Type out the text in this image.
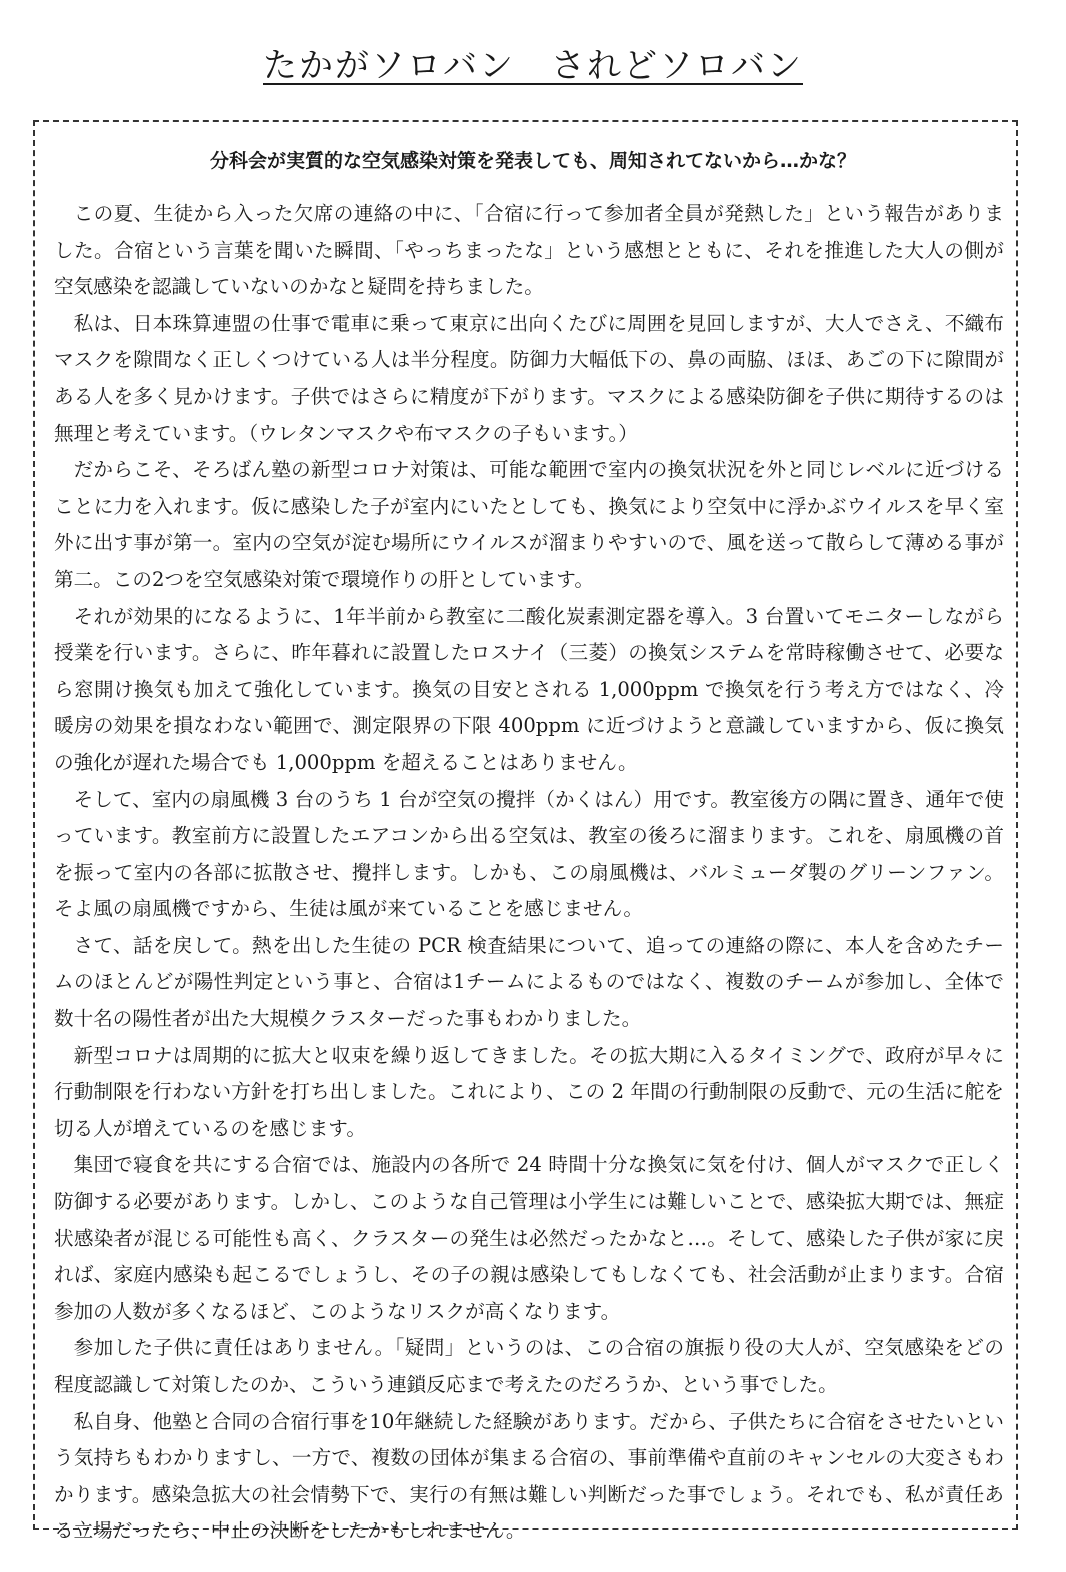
たかがソロバン　されどソロバン
分科会が実質的な空気感染対策を発表しても、周知されてないから…かな？

この夏、生徒から入った欠席の連絡の中に、「合宿に行って参加者全員が発熱した」という報告がありました。合宿という言葉を聞いた瞬間、「やっちまったな」という感想とともに、それを推進した大人の側が空気感染を認識していないのかなと疑問を持ちました。

私は、日本珠算連盟の仕事で電車に乗って東京に出向くたびに周囲を見回しますが、大人でさえ、不織布マスクを隙間なく正しくつけている人は半分程度。防御力大幅低下の、鼻の両脇、ほほ、あごの下に隙間がある人を多く見かけます。子供ではさらに精度が下がります。マスクによる感染防御を子供に期待するのは無理と考えています。（ウレタンマスクや布マスクの子もいます。）

だからこそ、そろばん塾の新型コロナ対策は、可能な範囲で室内の換気状況を外と同じレベルに近づけることに力を入れます。仮に感染した子が室内にいたとしても、換気により空気中に浮かぶウイルスを早く室外に出す事が第一。室内の空気が淀む場所にウイルスが溜まりやすいので、風を送って散らして薄める事が第二。この2つを空気感染対策で環境作りの肝としています。

それが効果的になるように、1年半前から教室に二酸化炭素測定器を導入。3 台置いてモニターしながら授業を行います。さらに、昨年暮れに設置したロスナイ（三菱）の換気システムを常時稼働させて、必要なら窓開け換気も加えて強化しています。換気の目安とされる 1,000ppm で換気を行う考え方ではなく、冷暖房の効果を損なわない範囲で、測定限界の下限 400ppm に近づけようと意識していますから、仮に換気の強化が遅れた場合でも 1,000ppm を超えることはありません。

そして、室内の扇風機 3 台のうち 1 台が空気の攪拌（かくはん）用です。教室後方の隅に置き、通年で使っています。教室前方に設置したエアコンから出る空気は、教室の後ろに溜まります。これを、扇風機の首を振って室内の各部に拡散させ、攪拌します。しかも、この扇風機は、バルミューダ製のグリーンファン。そよ風の扇風機ですから、生徒は風が来ていることを感じません。

さて、話を戻して。熱を出した生徒の PCR 検査結果について、追っての連絡の際に、本人を含めたチームのほとんどが陽性判定という事と、合宿は1チームによるものではなく、複数のチームが参加し、全体で数十名の陽性者が出た大規模クラスターだった事もわかりました。

新型コロナは周期的に拡大と収束を繰り返してきました。その拡大期に入るタイミングで、政府が早々に行動制限を行わない方針を打ち出しました。これにより、この 2 年間の行動制限の反動で、元の生活に舵を切る人が増えているのを感じます。

集団で寝食を共にする合宿では、施設内の各所で 24 時間十分な換気に気を付け、個人がマスクで正しく防御する必要があります。しかし、このような自己管理は小学生には難しいことで、感染拡大期では、無症状感染者が混じる可能性も高く、クラスターの発生は必然だったかなと…。そして、感染した子供が家に戻れば、家庭内感染も起こるでしょうし、その子の親は感染してもしなくても、社会活動が止まります。合宿参加の人数が多くなるほど、このようなリスクが高くなります。

参加した子供に責任はありません。「疑問」というのは、この合宿の旗振り役の大人が、空気感染をどの程度認識して対策したのか、こういう連鎖反応まで考えたのだろうか、という事でした。

私自身、他塾と合同の合宿行事を10年継続した経験があります。だから、子供たちに合宿をさせたいという気持ちもわかりますし、一方で、複数の団体が集まる合宿の、事前準備や直前のキャンセルの大変さもわかります。感染急拡大の社会情勢下で、実行の有無は難しい判断だった事でしょう。それでも、私が責任ある立場だったら、中止の決断をしたかもしれません。
